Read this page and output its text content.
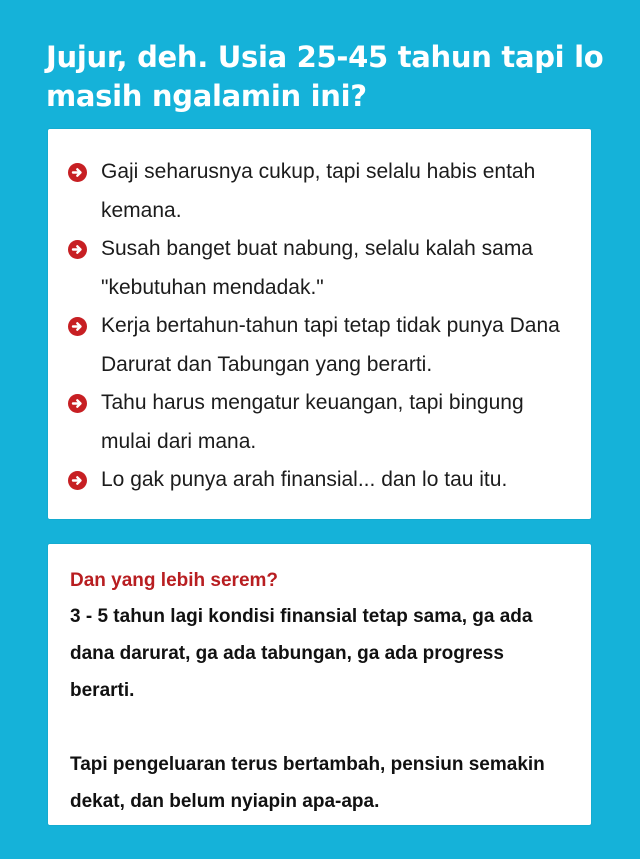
Jujur, deh. Usia 25-45 tahun tapi lo masih ngalamin ini?
Gaji seharusnya cukup, tapi selalu habis entah kemana.
Susah banget buat nabung, selalu kalah sama "kebutuhan mendadak."
Kerja bertahun-tahun tapi tetap tidak punya Dana Darurat dan Tabungan yang berarti.
Tahu harus mengatur keuangan, tapi bingung mulai dari mana.
Lo gak punya arah finansial... dan lo tau itu.

Dan yang lebih serem?

3 - 5 tahun lagi kondisi finansial tetap sama, ga ada dana darurat, ga ada tabungan, ga ada progress berarti.

Tapi pengeluaran terus bertambah, pensiun semakin dekat, dan belum nyiapin apa-apa.
